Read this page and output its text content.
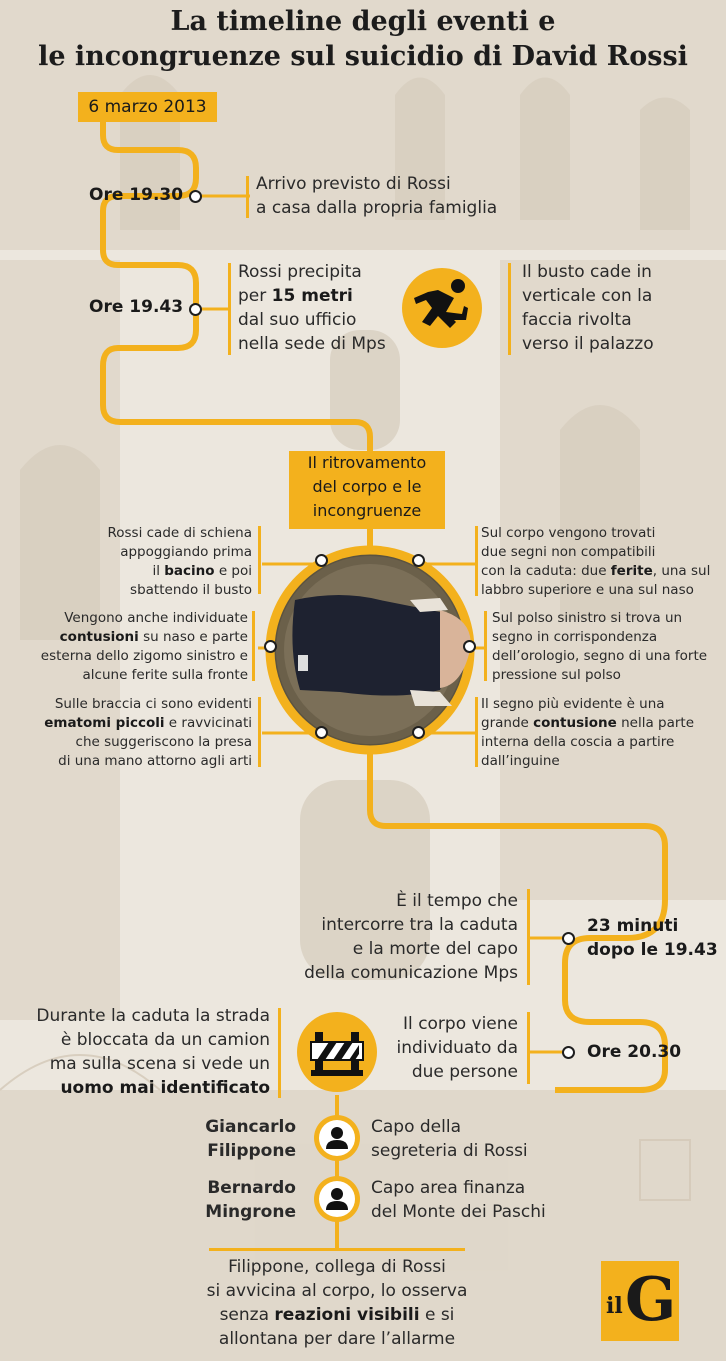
La timeline degli eventi e
le incongruenze sul suicidio di David Rossi
6 marzo 2013
Ore 19.30
Arrivo previsto di Rossi
a casa dalla propria famiglia
Ore 19.43
Rossi precipita
per 15 metri
dal suo ufficio
nella sede di Mps
Il busto cade in
verticale con la
faccia rivolta
verso il palazzo
Il ritrovamento
del corpo e le
incongruenze
Rossi cade di schiena
appoggiando prima
il bacino e poi
sbattendo il busto
Vengono anche individuate
contusioni su naso e parte
esterna dello zigomo sinistro e
alcune ferite sulla fronte
Sulle braccia ci sono evidenti
ematomi piccoli e ravvicinati
che suggeriscono la presa
di una mano attorno agli arti
Sul corpo vengono trovati
due segni non compatibili
con la caduta: due ferite, una sul
labbro superiore e una sul naso
Sul polso sinistro si trova un
segno in corrispondenza
dell’orologio, segno di una forte
pressione sul polso
Il segno più evidente è una
grande contusione nella parte
interna della coscia a partire
dall’inguine
È il tempo che
intercorre tra la caduta
e la morte del capo
della comunicazione Mps
23 minuti
dopo le 19.43
Il corpo viene
individuato da
due persone
Ore 20.30
Durante la caduta la strada
è bloccata da un camion
ma sulla scena si vede un
uomo mai identificato
Giancarlo
Filippone
Capo della
segreteria di Rossi
Bernardo
Mingrone
Capo area finanza
del Monte dei Paschi
Filippone, collega di Rossi
si avvicina al corpo, lo osserva
senza reazioni visibili e si
allontana per dare l’allarme
il G
